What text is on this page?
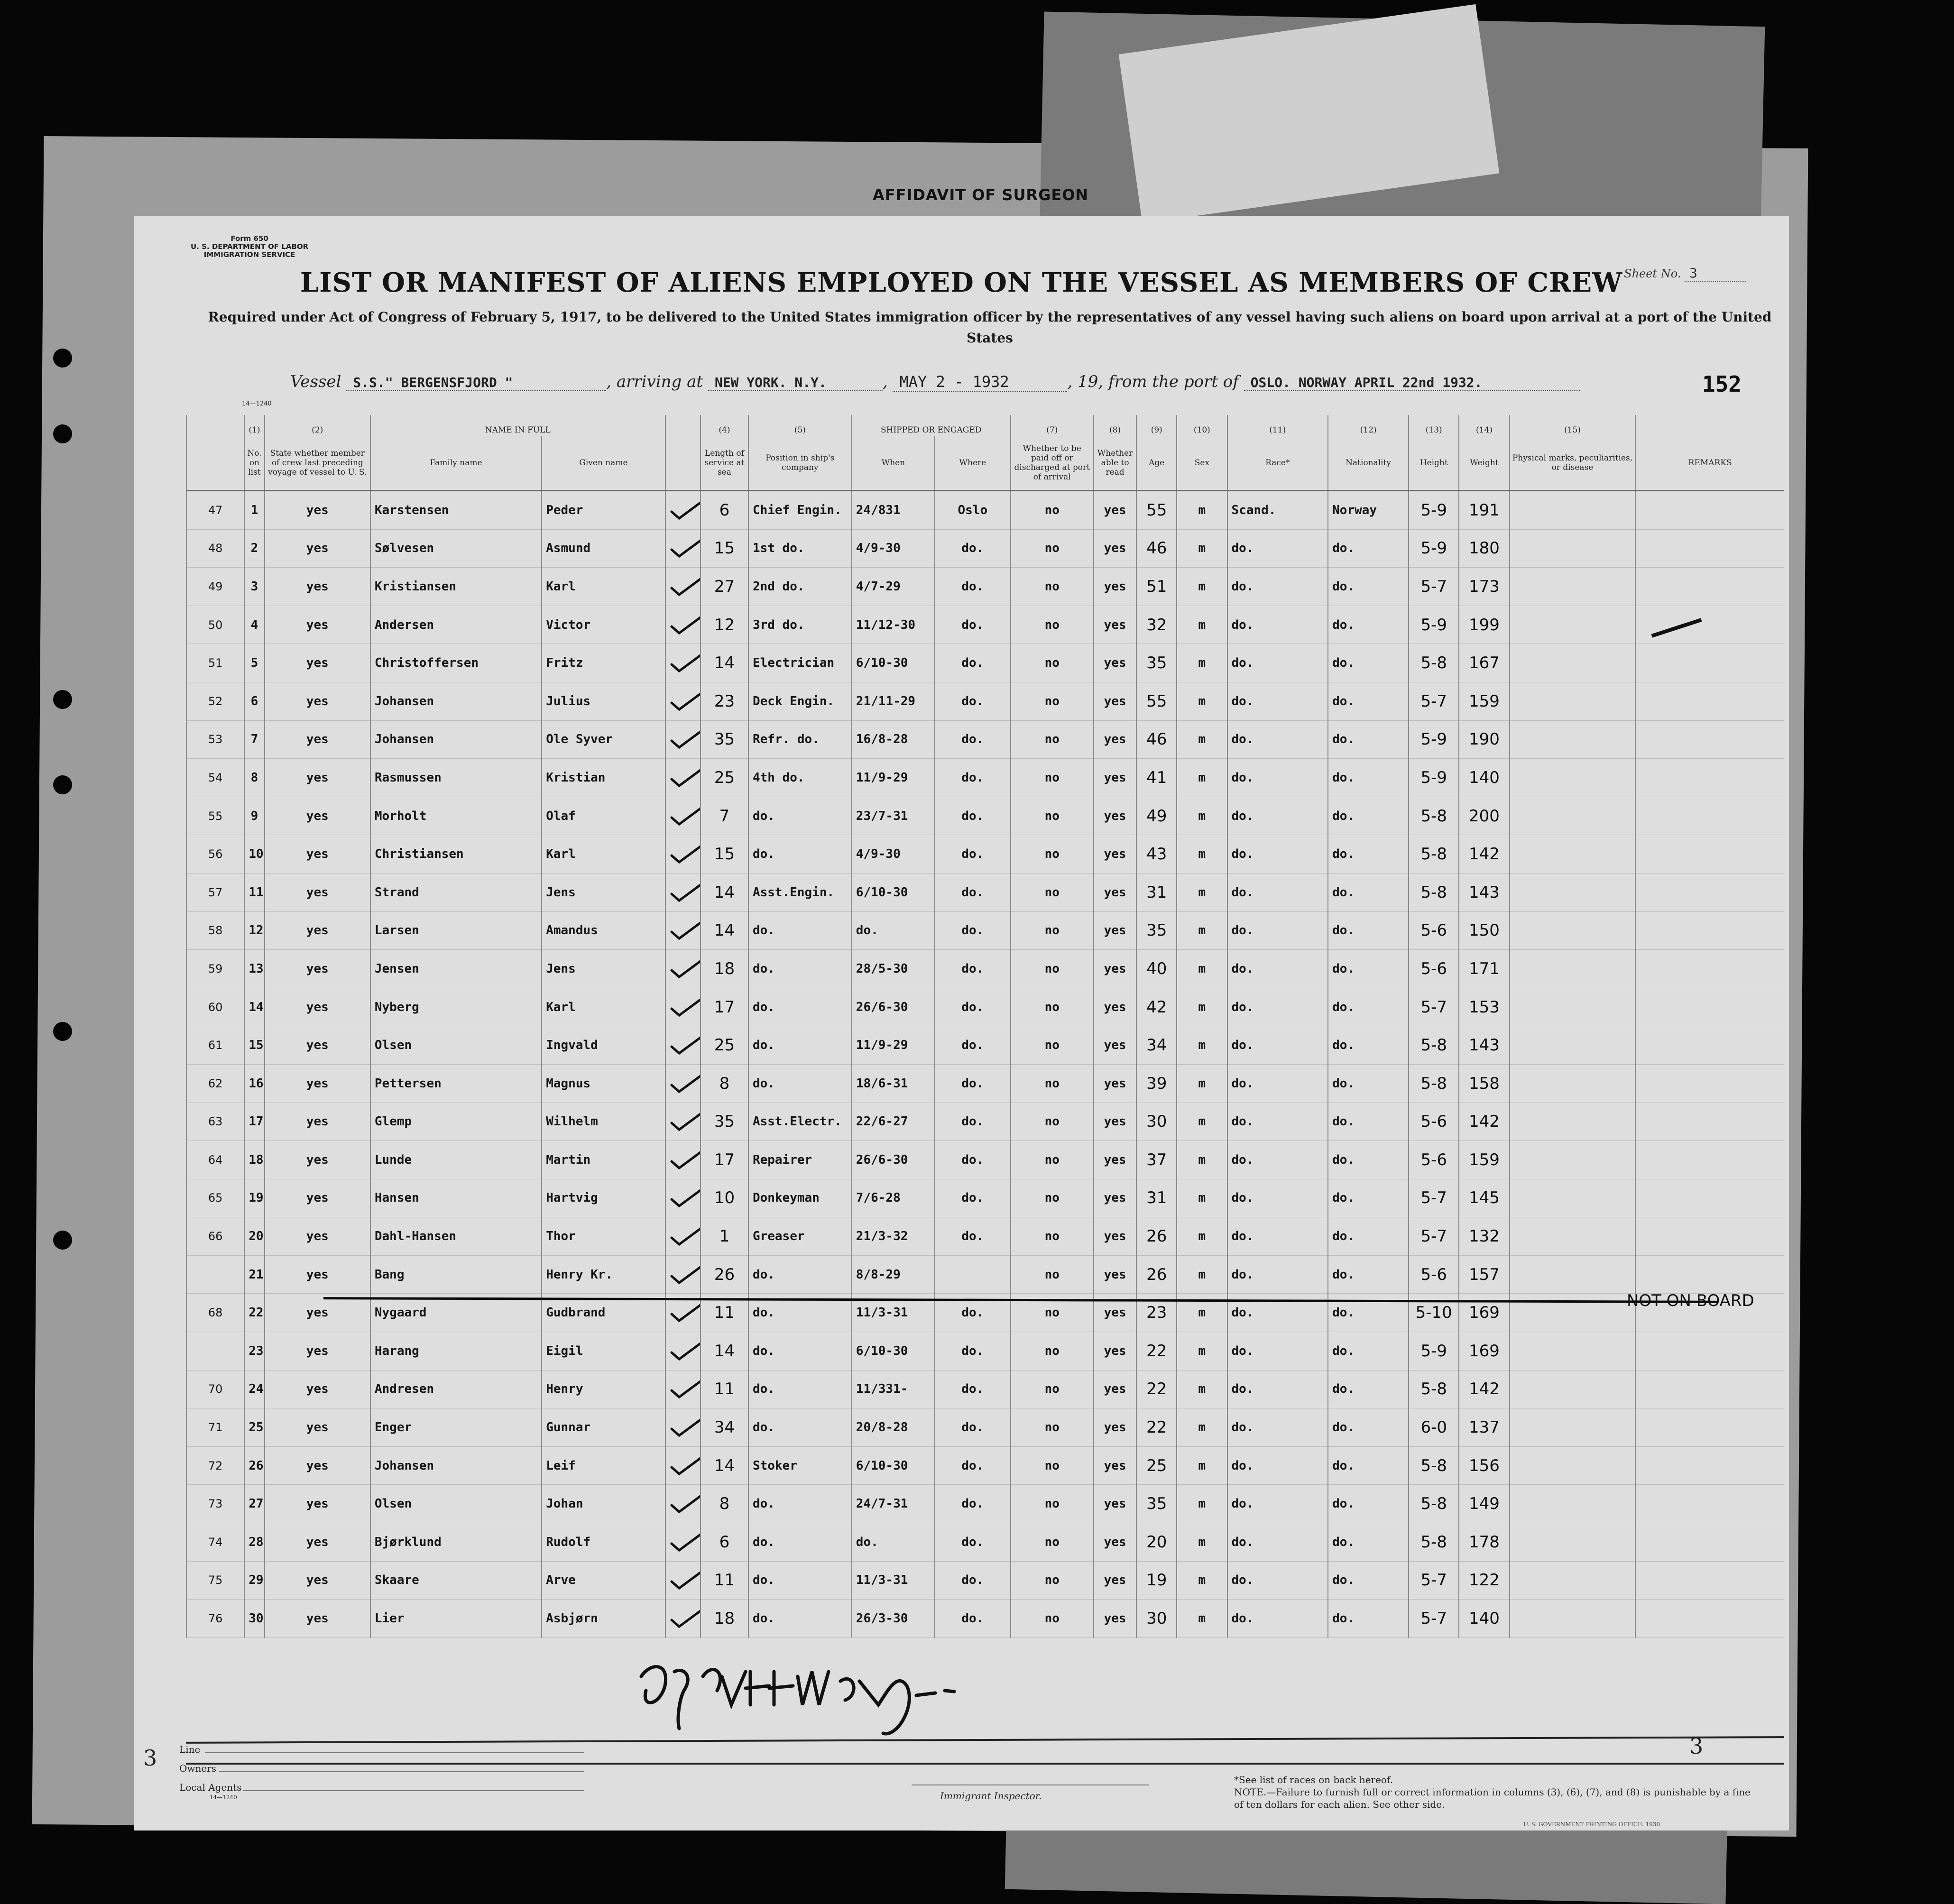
AFFIDAVIT OF SURGEON
Form 650
U. S. DEPARTMENT OF LABOR
IMMIGRATION SERVICE
14—1240
Sheet No. 3
LIST OR MANIFEST OF ALIENS EMPLOYED ON THE VESSEL AS MEMBERS OF CREW
Required under Act of Congress of February 5, 1917, to be delivered to the United States immigration officer by the representatives of any vessel having such aliens on board upon arrival at a port of the United States
Vessel S.S." BERGENSFJORD "	, arriving at NEW YORK. N.Y.	, MAY 2 - 1932	, 19, from the port of OSLO. NORWAY APRIL 22nd 1932.	152
	(1)	(2)	NAME IN FULL			(4)	(5)	SHIPPED OR ENGAGED		(7)	(8)	(9)	(10)	(11)	(12)	(13)	(14)	(15)	
	No. on list	State whether member of crew last preceding voyage of vessel to U. S.	Family name	Given name		Length of service at sea	Position in ship's company	When	Where	Whether to be paid off or discharged at port of arrival	Whether able to read	Age	Sex	Race*	Nationality	Height	Weight	Physical marks, peculiarities, or disease	REMARKS
47	1	yes	Karstensen	Peder		6	Chief Engin.	24/831	Oslo	no	yes	55	m	Scand.	Norway	5-9	191		
48	2	yes	Sølvesen	Asmund		15	1st do.	4/9-30	do.	no	yes	46	m	do.	do.	5-9	180		
49	3	yes	Kristiansen	Karl		27	2nd do.	4/7-29	do.	no	yes	51	m	do.	do.	5-7	173		
50	4	yes	Andersen	Victor		12	3rd do.	11/12-30	do.	no	yes	32	m	do.	do.	5-9	199		
51	5	yes	Christoffersen	Fritz		14	Electrician	6/10-30	do.	no	yes	35	m	do.	do.	5-8	167		
52	6	yes	Johansen	Julius		23	Deck Engin.	21/11-29	do.	no	yes	55	m	do.	do.	5-7	159		
53	7	yes	Johansen	Ole Syver		35	Refr. do.	16/8-28	do.	no	yes	46	m	do.	do.	5-9	190		
54	8	yes	Rasmussen	Kristian		25	4th do.	11/9-29	do.	no	yes	41	m	do.	do.	5-9	140		
55	9	yes	Morholt	Olaf		7	do.	23/7-31	do.	no	yes	49	m	do.	do.	5-8	200		
56	10	yes	Christiansen	Karl		15	do.	4/9-30	do.	no	yes	43	m	do.	do.	5-8	142		
57	11	yes	Strand	Jens		14	Asst.Engin.	6/10-30	do.	no	yes	31	m	do.	do.	5-8	143		
58	12	yes	Larsen	Amandus		14	do.	do.	do.	no	yes	35	m	do.	do.	5-6	150		
59	13	yes	Jensen	Jens		18	do.	28/5-30	do.	no	yes	40	m	do.	do.	5-6	171		
60	14	yes	Nyberg	Karl		17	do.	26/6-30	do.	no	yes	42	m	do.	do.	5-7	153		
61	15	yes	Olsen	Ingvald		25	do.	11/9-29	do.	no	yes	34	m	do.	do.	5-8	143		
62	16	yes	Pettersen	Magnus		8	do.	18/6-31	do.	no	yes	39	m	do.	do.	5-8	158		
63	17	yes	Glemp	Wilhelm		35	Asst.Electr.	22/6-27	do.	no	yes	30	m	do.	do.	5-6	142		
64	18	yes	Lunde	Martin		17	Repairer	26/6-30	do.	no	yes	37	m	do.	do.	5-6	159		
65	19	yes	Hansen	Hartvig		10	Donkeyman	7/6-28	do.	no	yes	31	m	do.	do.	5-7	145		
66	20	yes	Dahl-Hansen	Thor		1	Greaser	21/3-32	do.	no	yes	26	m	do.	do.	5-7	132		
	21	yes	Bang	Henry Kr.		26	do.	8/8-29		no	yes	26	m	do.	do.	5-6	157		
68	22	yes	Nygaard	Gudbrand		11	do.	11/3-31	do.	no	yes	23	m	do.	do.	5-10	169		
	23	yes	Harang	Eigil		14	do.	6/10-30	do.	no	yes	22	m	do.	do.	5-9	169		
70	24	yes	Andresen	Henry		11	do.	11/331-	do.	no	yes	22	m	do.	do.	5-8	142		
71	25	yes	Enger	Gunnar		34	do.	20/8-28	do.	no	yes	22	m	do.	do.	6-0	137		
72	26	yes	Johansen	Leif		14	Stoker	6/10-30	do.	no	yes	25	m	do.	do.	5-8	156		
73	27	yes	Olsen	Johan		8	do.	24/7-31	do.	no	yes	35	m	do.	do.	5-8	149		
74	28	yes	Bjørklund	Rudolf		6	do.	do.	do.	no	yes	20	m	do.	do.	5-8	178		
75	29	yes	Skaare	Arve		11	do.	11/3-31	do.	no	yes	19	m	do.	do.	5-7	122		
76	30	yes	Lier	Asbjørn		18	do.	26/3-30	do.	no	yes	30	m	do.	do.	5-7	140		
NOT ON BOARD
Line
Owners
Local Agents
14—1240
3	3
Immigrant Inspector.
*See list of races on back hereof.
NOTE.—Failure to furnish full or correct information in columns (3), (6), (7), and (8) is punishable by a fine of ten dollars for each alien. See other side.
U. S. GOVERNMENT PRINTING OFFICE: 1930
